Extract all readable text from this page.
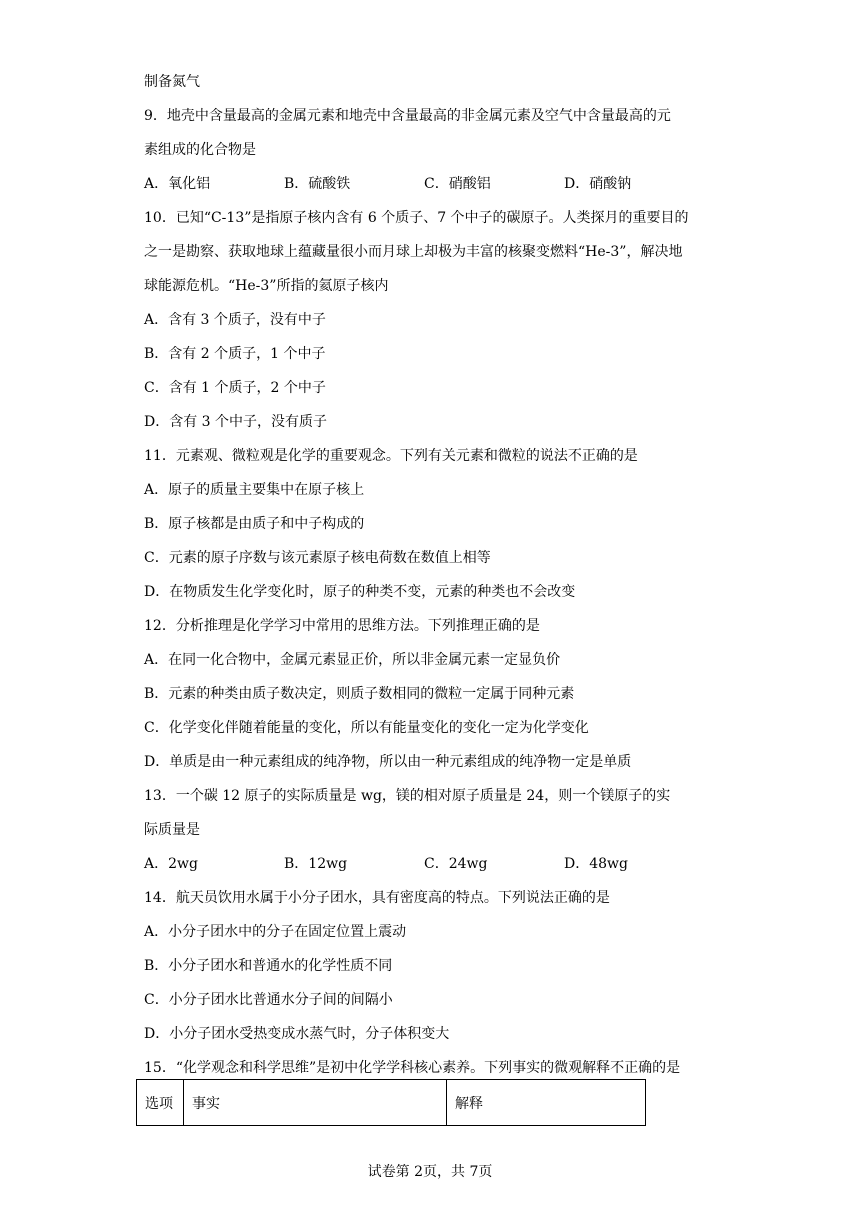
制备氮气
9．地壳中含量最高的金属元素和地壳中含量最高的非金属元素及空气中含量最高的元
素组成的化合物是
A．氧化铝	B．硫酸铁	C．硝酸铝	D．硝酸钠
10．已知“C-13”是指原子核内含有 6 个质子、7 个中子的碳原子。人类探月的重要目的
之一是勘察、获取地球上蕴藏量很小而月球上却极为丰富的核聚变燃料“He-3”，解决地
球能源危机。“He-3”所指的氦原子核内
A．含有 3 个质子，没有中子
B．含有 2 个质子，1 个中子
C．含有 1 个质子，2 个中子
D．含有 3 个中子，没有质子
11．元素观、微粒观是化学的重要观念。下列有关元素和微粒的说法不正确的是
A．原子的质量主要集中在原子核上
B．原子核都是由质子和中子构成的
C．元素的原子序数与该元素原子核电荷数在数值上相等
D．在物质发生化学变化时，原子的种类不变，元素的种类也不会改变
12．分析推理是化学学习中常用的思维方法。下列推理正确的是
A．在同一化合物中，金属元素显正价，所以非金属元素一定显负价
B．元素的种类由质子数决定，则质子数相同的微粒一定属于同种元素
C．化学变化伴随着能量的变化，所以有能量变化的变化一定为化学变化
D．单质是由一种元素组成的纯净物，所以由一种元素组成的纯净物一定是单质
13．一个碳 12 原子的实际质量是 wg，镁的相对原子质量是 24，则一个镁原子的实
际质量是
A．2wg	B．12wg	C．24wg	D．48wg
14．航天员饮用水属于小分子团水，具有密度高的特点。下列说法正确的是
A．小分子团水中的分子在固定位置上震动
B．小分子团水和普通水的化学性质不同
C．小分子团水比普通水分子间的间隔小
D．小分子团水受热变成水蒸气时，分子体积变大
15．“化学观念和科学思维”是初中化学学科核心素养。下列事实的微观解释不正确的是
选项	事实	解释
试卷第 2页，共 7页
